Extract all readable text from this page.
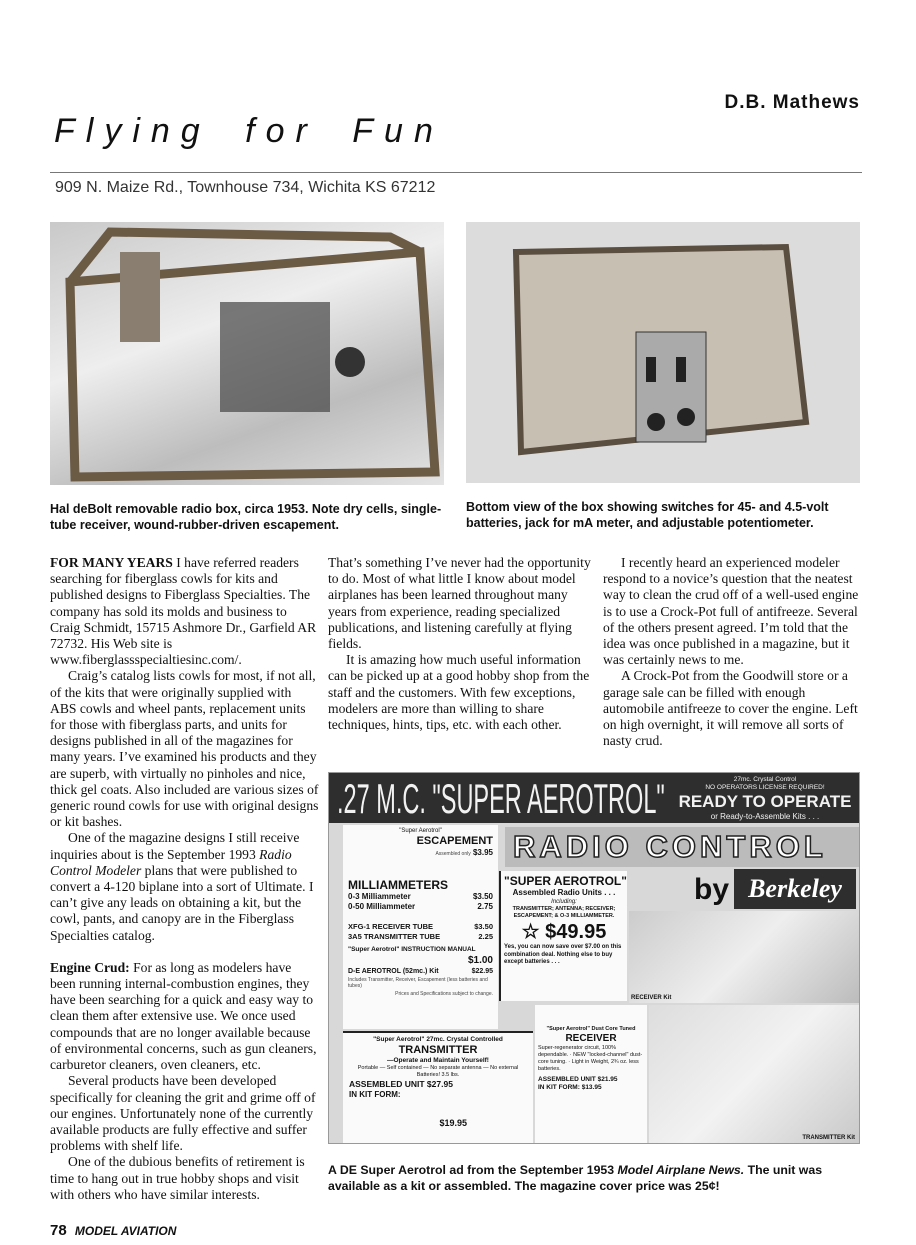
D.B. Mathews
Flying for Fun
909 N. Maize Rd., Townhouse 734, Wichita KS 67212
Hal deBolt removable radio box, circa 1953. Note dry cells, single-tube receiver, wound-rubber-driven escapement.
Bottom view of the box showing switches for 45- and 4.5-volt batteries, jack for mA meter, and adjustable potentiometer.

FOR MANY YEARS I have referred readers searching for fiberglass cowls for kits and published designs to Fiberglass Specialties. The company has sold its molds and business to Craig Schmidt, 15715 Ashmore Dr., Garfield AR 72732. His Web site is www.fiberglassspecialtiesinc.com/.

Craig’s catalog lists cowls for most, if not all, of the kits that were originally supplied with ABS cowls and wheel pants, replacement units for those with fiberglass parts, and units for designs published in all of the magazines for many years. I’ve examined his products and they are superb, with virtually no pinholes and nice, thick gel coats. Also included are various sizes of generic round cowls for use with original designs or kit bashes.

One of the magazine designs I still receive inquiries about is the September 1993 Radio Control Modeler plans that were published to convert a 4-120 biplane into a sort of Ultimate. I can’t give any leads on obtaining a kit, but the cowl, pants, and canopy are in the Fiberglass Specialties catalog.

Engine Crud: For as long as modelers have been running internal-combustion engines, they have been searching for a quick and easy way to clean them after extensive use. We once used compounds that are no longer available because of environmental concerns, such as gun cleaners, carburetor cleaners, oven cleaners, etc.

Several products have been developed specifically for cleaning the grit and grime off of our engines. Unfortunately none of the currently available products are fully effective and suffer problems with shelf life.

One of the dubious benefits of retirement is time to hang out in true hobby shops and visit with others who have similar interests.

That’s something I’ve never had the opportunity to do. Most of what little I know about model airplanes has been learned throughout many years from experience, reading specialized publications, and listening carefully at flying fields.

It is amazing how much useful information can be picked up at a good hobby shop from the staff and the customers. With few exceptions, modelers are more than willing to share techniques, hints, tips, etc. with each other.

I recently heard an experienced modeler respond to a novice’s question that the neatest way to clean the crud off of a well-used engine is to use a Crock-Pot full of antifreeze. Several of the others present agreed. I’m told that the idea was once published in a magazine, but it was certainly news to me.

A Crock-Pot from the Goodwill store or a garage sale can be filled with enough automobile antifreeze to cover the engine. Left on high overnight, it will remove all sorts of nasty crud.

.27 M.C. "SUPER AEROTROL"	27mc. Crystal Control
NO OPERATORS LICENSE REQUIRED!
READY TO OPERATE
or Ready-to-Assemble Kits . . .
RADIO CONTROL
by Berkeley
"Super Aerotrol"
ESCAPEMENT
Assembled only $3.95
MILLIAMMETERS
0-3 Milliammeter	$3.50
0-50 Milliammeter	2.75
XFG-1 RECEIVER TUBE	$3.50
3A5 TRANSMITTER TUBE	2.25
"Super Aerotrol" INSTRUCTION MANUAL
$1.00
D-E AEROTROL (52mc.) Kit	$22.95
Includes Transmitter, Receiver, Escapement (less batteries and tubes)
Prices and Specifications subject to change.
"SUPER AEROTROL"
Assembled Radio Units . . .
Including:
TRANSMITTER; ANTENNA; RECEIVER; ESCAPEMENT; & O-3 MILLIAMMETER.
☆ $49.95
Yes, you can now save over $7.00 on this combination deal. Nothing else to buy except batteries . . .
RECEIVER Kit
"Super Aerotrol" 27mc. Crystal Controlled
TRANSMITTER
—Operate and Maintain Yourself!
Portable — Self contained — No separate antenna — No external Batteries! 3.5 lbs.
ASSEMBLED UNIT $27.95
IN KIT FORM:
$19.95
"Super Aerotrol" Dust Core Tuned
RECEIVER
Super-regenerator circuit, 100% dependable. · NEW "locked-channel" dust-core tuning. · Light in Weight, 2¾ oz. less batteries.
ASSEMBLED UNIT $21.95
IN KIT FORM: $13.95
TRANSMITTER Kit
A DE Super Aerotrol ad from the September 1953 Model Airplane News. The unit was available as a kit or assembled. The magazine cover price was 25¢!
78 MODEL AVIATION
